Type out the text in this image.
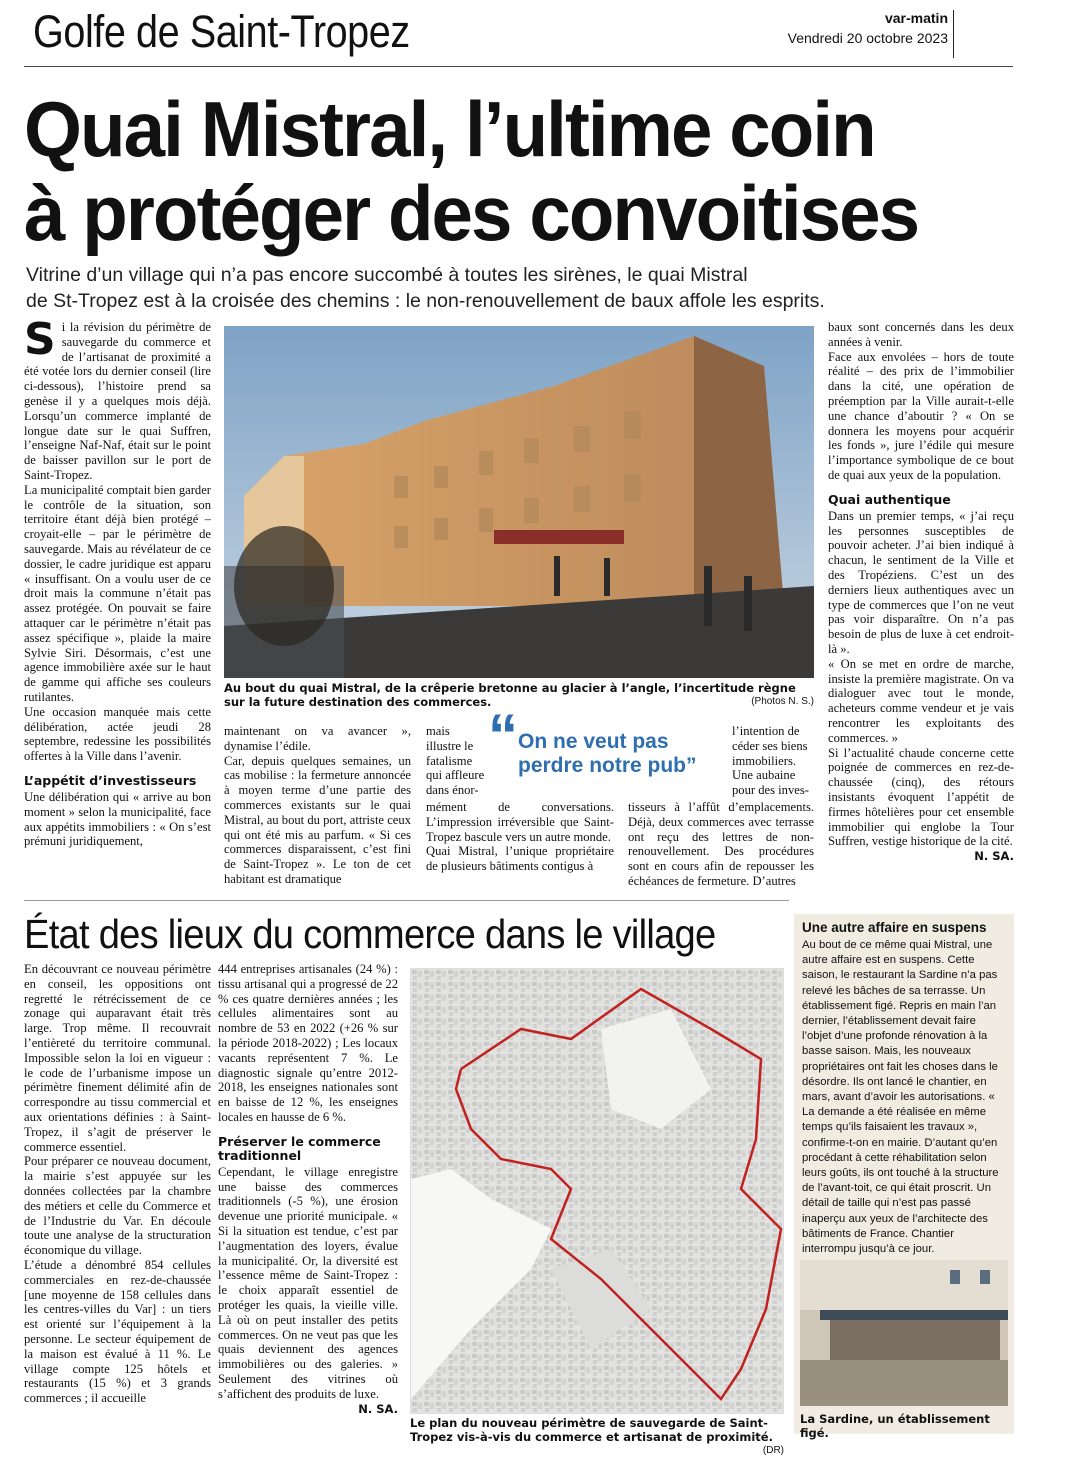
Golfe de Saint-Tropez	var-matin
Vendredi 20 octobre 2023
Quai Mistral, l’ultime coin
à protéger des convoitises
Vitrine d’un village qui n’a pas encore succombé à toutes les sirènes, le quai Mistral
de St-Tropez est à la croisée des chemins : le non-renouvellement de baux affole les esprits.
S i la révision du périmètre de sauvegarde du commerce et de l’artisanat de proximité a été votée lors du dernier conseil (lire ci-dessous), l’histoire prend sa genèse il y a quelques mois déjà. Lorsqu’un commerce implanté de longue date sur le quai Suffren, l’enseigne Naf-Naf, était sur le point de baisser pavillon sur le port de Saint-Tropez.

La municipalité comptait bien garder le contrôle de la situation, son territoire étant déjà bien protégé – croyait-elle – par le périmètre de sauvegarde. Mais au révélateur de ce dossier, le cadre juridique est apparu « insuffisant. On a voulu user de ce droit mais la commune n’était pas assez protégée. On pouvait se faire attaquer car le périmètre n’était pas assez spécifique », plaide la maire Sylvie Siri. Désormais, c’est une agence immobilière axée sur le haut de gamme qui affiche ses couleurs rutilantes.

Une occasion manquée mais cette délibération, actée jeudi 28 septembre, redessine les possibilités offertes à la Ville dans l’avenir.

L’appétit d’investisseurs

Une délibération qui « arrive au bon moment » selon la municipalité, face aux appétits immobiliers : « On s’est prémuni juridiquement,

Au bout du quai Mistral, de la crêperie bretonne au glacier à l’angle, l’incertitude règne sur la future destination des commerces.	(Photos N. S.)

maintenant on va avancer », dynamise l’édile.

Car, depuis quelques semaines, un cas mobilise : la fermeture annoncée à moyen terme d’une partie des commerces existants sur le quai Mistral, au bout du port, attriste ceux qui ont été mis au parfum. « Si ces commerces disparaissent, c’est fini de Saint-Tropez ». Le ton de cet habitant est dramatique

mais illustre le fatalisme qui affleure dans énor-

mément de conversations. L’impression irréversible que Saint-Tropez bascule vers un autre monde.

Quai Mistral, l’unique propriétaire de plusieurs bâtiments contigus à

“ On ne veut pas
perdre notre pub”
l’intention de céder ses biens immobiliers. Une aubaine pour des inves-

tisseurs à l’affût d’emplacements. Déjà, deux commerces avec terrasse ont reçu des lettres de non-renouvellement. Des procédures sont en cours afin de repousser les échéances de fermeture. D’autres

baux sont concernés dans les deux années à venir.

Face aux envolées – hors de toute réalité – des prix de l’immobilier dans la cité, une opération de préemption par la Ville aurait-t-elle une chance d’aboutir ? « On se donnera les moyens pour acquérir les fonds », jure l’édile qui mesure l’importance symbolique de ce bout de quai aux yeux de la population.

Quai authentique

Dans un premier temps, « j’ai reçu les personnes susceptibles de pouvoir acheter. J’ai bien indiqué à chacun, le sentiment de la Ville et des Tropéziens. C’est un des derniers lieux authentiques avec un type de commerces que l’on ne veut pas voir disparaître. On n’a pas besoin de plus de luxe à cet endroit-là ».

« On se met en ordre de marche, insiste la première magistrate. On va dialoguer avec tout le monde, acheteurs comme vendeur et je vais rencontrer les exploitants des commerces. »

Si l’actualité chaude concerne cette poignée de commerces en rez-de-chaussée (cinq), des rétours insistants évoquent l’appétit de firmes hôtelières pour cet ensemble immobilier qui englobe la Tour Suffren, vestige historique de la cité.

N. SA.
État des lieux du commerce dans le village

En découvrant ce nouveau périmètre en conseil, les oppositions ont regretté le rétrécissement de ce zonage qui auparavant était très large. Trop même. Il recouvrait l’entièreté du territoire communal. Impossible selon la loi en vigueur : le code de l’urbanisme impose un périmètre finement délimité afin de correspondre au tissu commercial et aux orientations définies : à Saint-Tropez, il s’agit de préserver le commerce essentiel.

Pour préparer ce nouveau document, la mairie s’est appuyée sur les données collectées par la chambre des métiers et celle du Commerce et de l’Industrie du Var. En découle toute une analyse de la structuration économique du village.

L’étude a dénombré 854 cellules commerciales en rez-de-chaussée [une moyenne de 158 cellules dans les centres-villes du Var] : un tiers est orienté sur l’équipement à la personne. Le secteur équipement de la maison est évalué à 11 %. Le village compte 125 hôtels et restaurants (15 %) et 3 grands commerces ; il accueille

444 entreprises artisanales (24 %) : tissu artisanal qui a progressé de 22 % ces quatre dernières années ; les cellules alimentaires sont au nombre de 53 en 2022 (+26 % sur la période 2018-2022) ; Les locaux vacants représentent 7 %. Le diagnostic signale qu’entre 2012-2018, les enseignes nationales sont en baisse de 12 %, les enseignes locales en hausse de 6 %.

Préserver le commerce traditionnel

Cependant, le village enregistre une baisse des commerces traditionnels (-5 %), une érosion devenue une priorité municipale. « Si la situation est tendue, c’est par l’augmentation des loyers, évalue la municipalité. Or, la diversité est l’essence même de Saint-Tropez : le choix apparaît essentiel de protéger les quais, la vieille ville. Là où on peut installer des petits commerces. On ne veut pas que les quais deviennent des agences immobilières ou des galeries. » Seulement des vitrines où s’affichent des produits de luxe.

N. SA.
Le plan du nouveau périmètre de sauvegarde de Saint-Tropez vis-à-vis du commerce et artisanat de proximité.
(DR)
Une autre affaire en suspens
Au bout de ce même quai Mistral, une autre affaire est en suspens. Cette saison, le restaurant la Sardine n’a pas relevé les bâches de sa terrasse. Un établissement figé. Repris en main l’an dernier, l’établissement devait faire l’objet d’une profonde rénovation à la basse saison. Mais, les nouveaux propriétaires ont fait les choses dans le désordre. Ils ont lancé le chantier, en mars, avant d’avoir les autorisations. « La demande a été réalisée en même temps qu’ils faisaient les travaux », confirme-t-on en mairie. D’autant qu’en procédant à cette réhabilitation selon leurs goûts, ils ont touché à la structure de l’avant-toit, ce qui était proscrit. Un détail de taille qui n’est pas passé inaperçu aux yeux de l’architecte des bâtiments de France. Chantier interrompu jusqu’à ce jour.
La Sardine, un établissement figé.
